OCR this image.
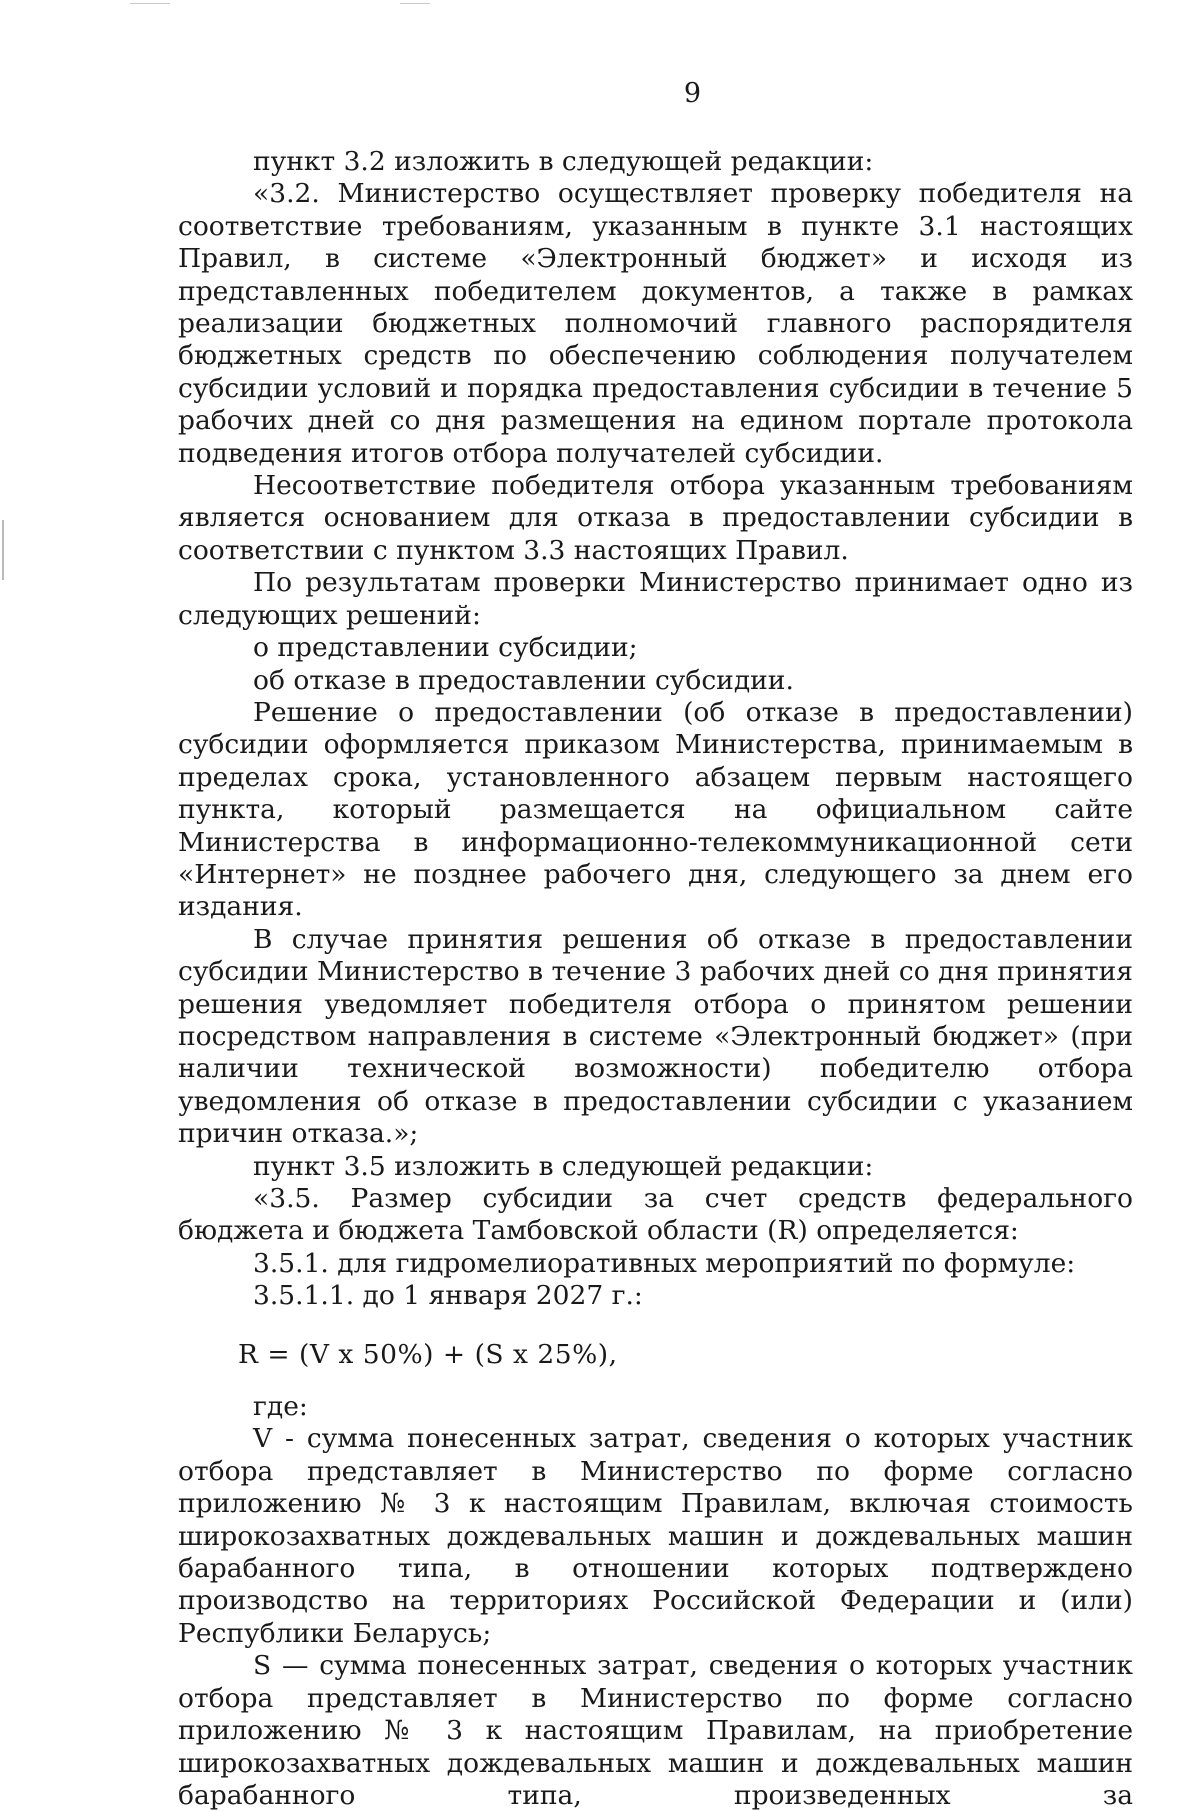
9

пункт 3.2 изложить в следующей редакции:

«3.2. Министерство осуществляет проверку победителя на соответствие требованиям, указанным в пункте 3.1 настоящих Правил, в системе «Электронный бюджет» и исходя из представленных победителем документов, а также в рамках реализации бюджетных полномочий главного распорядителя бюджетных средств по обеспечению соблюдения получателем субсидии условий и порядка предоставления субсидии в течение 5 рабочих дней со дня размещения на едином портале протокола подведения итогов отбора получателей субсидии.

Несоответствие победителя отбора указанным требованиям является основанием для отказа в предоставлении субсидии в соответствии с пунктом 3.3 настоящих Правил.

По результатам проверки Министерство принимает одно из следующих решений:

о представлении субсидии;

об отказе в предоставлении субсидии.

Решение о предоставлении (об отказе в предоставлении) субсидии оформляется приказом Министерства, принимаемым в пределах срока, установленного абзацем первым настоящего пункта, который размещается на официальном сайте Министерства в информационно-телекоммуникационной сети «Интернет» не позднее рабочего дня, следующего за днем его издания.

В случае принятия решения об отказе в предоставлении субсидии Министерство в течение 3 рабочих дней со дня принятия решения уведомляет победителя отбора о принятом решении посредством направления в системе «Электронный бюджет» (при наличии технической возможности) победителю отбора уведомления об отказе в предоставлении субсидии с указанием причин отказа.»;

пункт 3.5 изложить в следующей редакции:

«3.5. Размер субсидии за счет средств федерального бюджета и бюджета Тамбовской области (R) определяется:

3.5.1. для гидромелиоративных мероприятий по формуле:

3.5.1.1. до 1 января 2027 г.:

R = (V x 50%) + (S x 25%),

где:

V - сумма понесенных затрат, сведения о которых участник отбора представляет в Министерство по форме согласно приложению № 3 к настоящим Правилам, включая стоимость широкозахватных дождевальных машин и дождевальных машин барабанного типа, в отношении которых подтверждено производство на территориях Российской Федерации и (или) Республики Беларусь;

S — сумма понесенных затрат, сведения о которых участник отбора представляет в Министерство по форме согласно приложению № 3 к настоящим Правилам, на приобретение широкозахватных дождевальных машин и дождевальных машин барабанного типа, произведенных за
